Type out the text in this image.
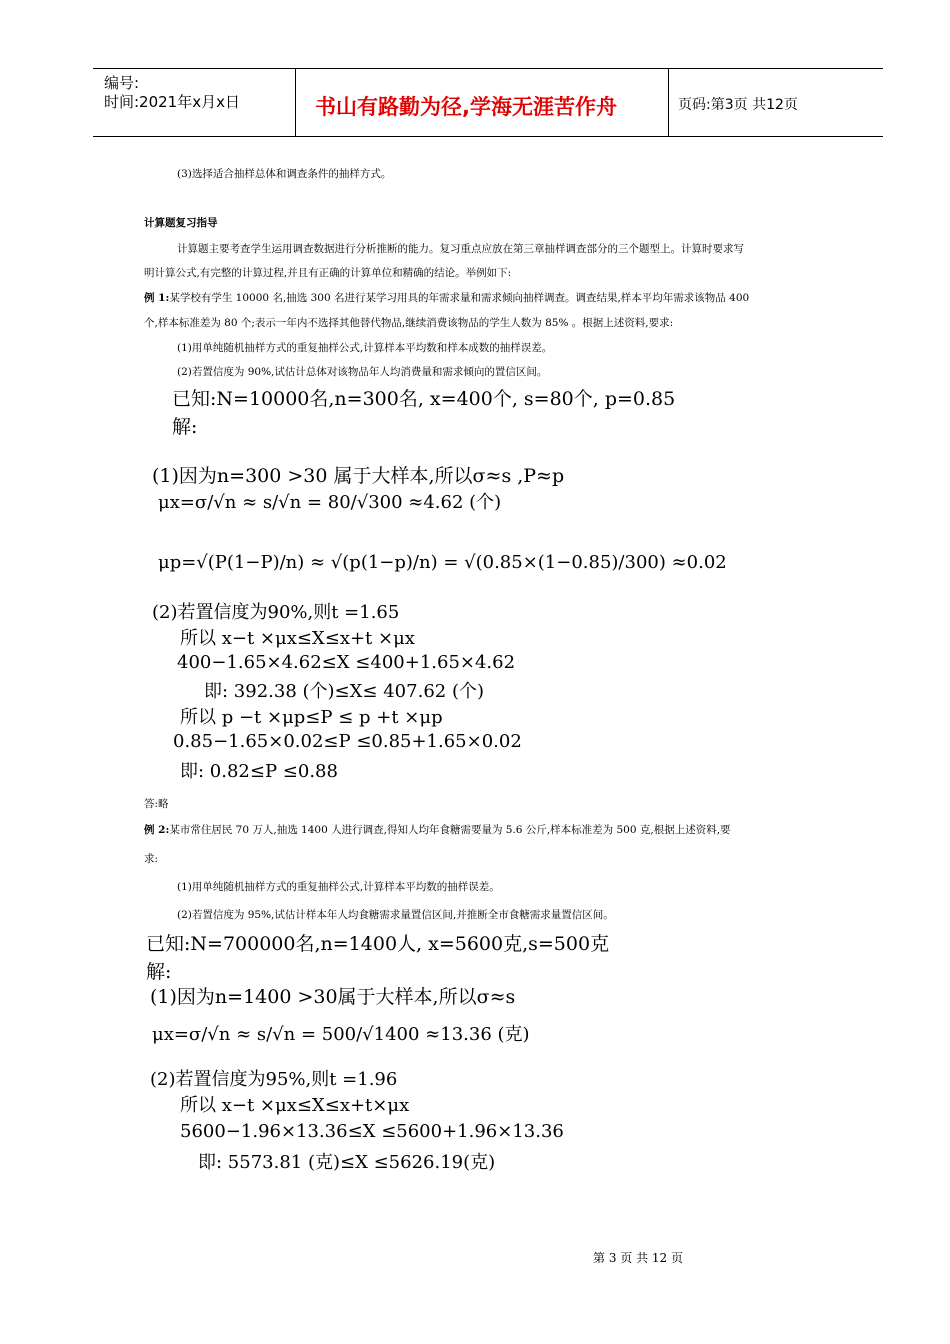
编号:
时间:2021年x月x日	书山有路勤为径,学海无涯苦作舟	页码:第3页 共12页
(3)选择适合抽样总体和调查条件的抽样方式。
计算题复习指导
计算题主要考查学生运用调查数据进行分析推断的能力。复习重点应放在第三章抽样调查部分的三个题型上。计算时要求写
明计算公式,有完整的计算过程,并且有正确的计算单位和精确的结论。举例如下:
例 1:某学校有学生 10000 名,抽选 300 名进行某学习用具的年需求量和需求倾向抽样调查。调查结果,样本平均年需求该物品 400
个,样本标准差为 80 个;表示一年内不选择其他替代物品,继续消费该物品的学生人数为 85% 。根据上述资料,要求:
(1)用单纯随机抽样方式的重复抽样公式,计算样本平均数和样本成数的抽样误差。
(2)若置信度为 90%,试估计总体对该物品年人均消费量和需求倾向的置信区间。
已知:N=10000名,n=300名, x=400个, s=80个, p=0.85
解:
(1)因为n=300 >30 属于大样本,所以σ≈s ,P≈p
μx=σ/√n ≈ s/√n = 80/√300 ≈4.62 (个)
μp=√(P(1−P)/n) ≈ √(p(1−p)/n) = √(0.85×(1−0.85)/300) ≈0.02
(2)若置信度为90%,则t =1.65
所以 x−t ×μx≤X≤x+t ×μx
400−1.65×4.62≤X ≤400+1.65×4.62
即: 392.38 (个)≤X≤ 407.62 (个)
所以 p −t ×μp≤P ≤ p +t ×μp
0.85−1.65×0.02≤P ≤0.85+1.65×0.02
即: 0.82≤P ≤0.88
答:略
例 2:某市常住居民 70 万人,抽选 1400 人进行调查,得知人均年食糖需要量为 5.6 公斤,样本标准差为 500 克,根据上述资料,要
求:
(1)用单纯随机抽样方式的重复抽样公式,计算样本平均数的抽样误差。
(2)若置信度为 95%,试估计样本年人均食糖需求量置信区间,并推断全市食糖需求量置信区间。
已知:N=700000名,n=1400人, x=5600克,s=500克
解:
(1)因为n=1400 >30属于大样本,所以σ≈s
μx=σ/√n ≈ s/√n = 500/√1400 ≈13.36 (克)
(2)若置信度为95%,则t =1.96
所以 x−t ×μx≤X≤x+t×μx
5600−1.96×13.36≤X ≤5600+1.96×13.36
即: 5573.81 (克)≤X ≤5626.19(克)
第 3 页 共 12 页
